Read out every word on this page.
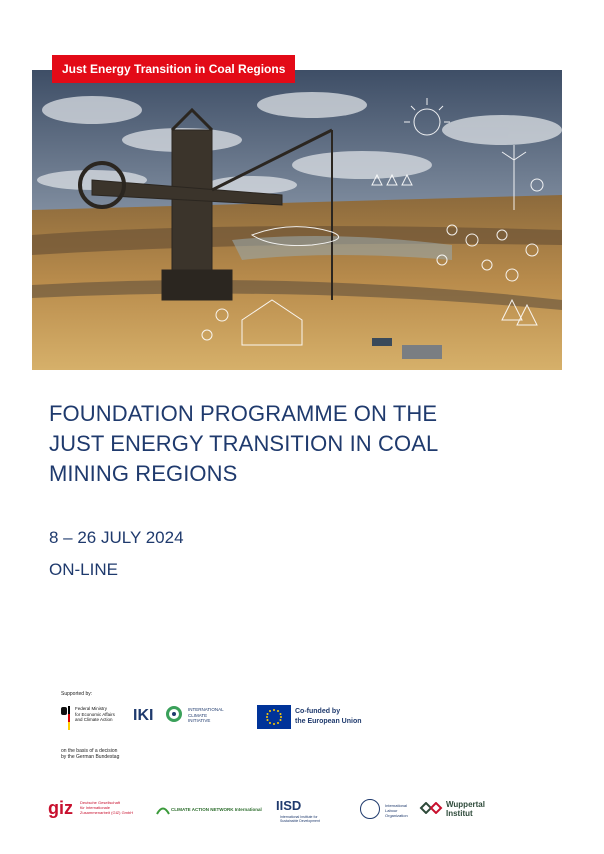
Just Energy Transition in Coal Regions
FOUNDATION PROGRAMME ON THE
JUST ENERGY TRANSITION IN COAL
MINING REGIONS
8 – 26 JULY 2024
ON-LINE
Supported by:
Federal Ministry
for Economic Affairs
and Climate Action
on the basis of a decision
by the German Bundestag
IKI	INTERNATIONAL
CLIMATE
INITIATIVE
Co-funded by
the European Union
giz Deutsche Gesellschaft
für Internationale
Zusammenarbeit (GIZ) GmbH
CLIMATE ACTION NETWORK International IISD
International Institute for
Sustainable Development
International
Labour
Organization
Wuppertal
Institut
